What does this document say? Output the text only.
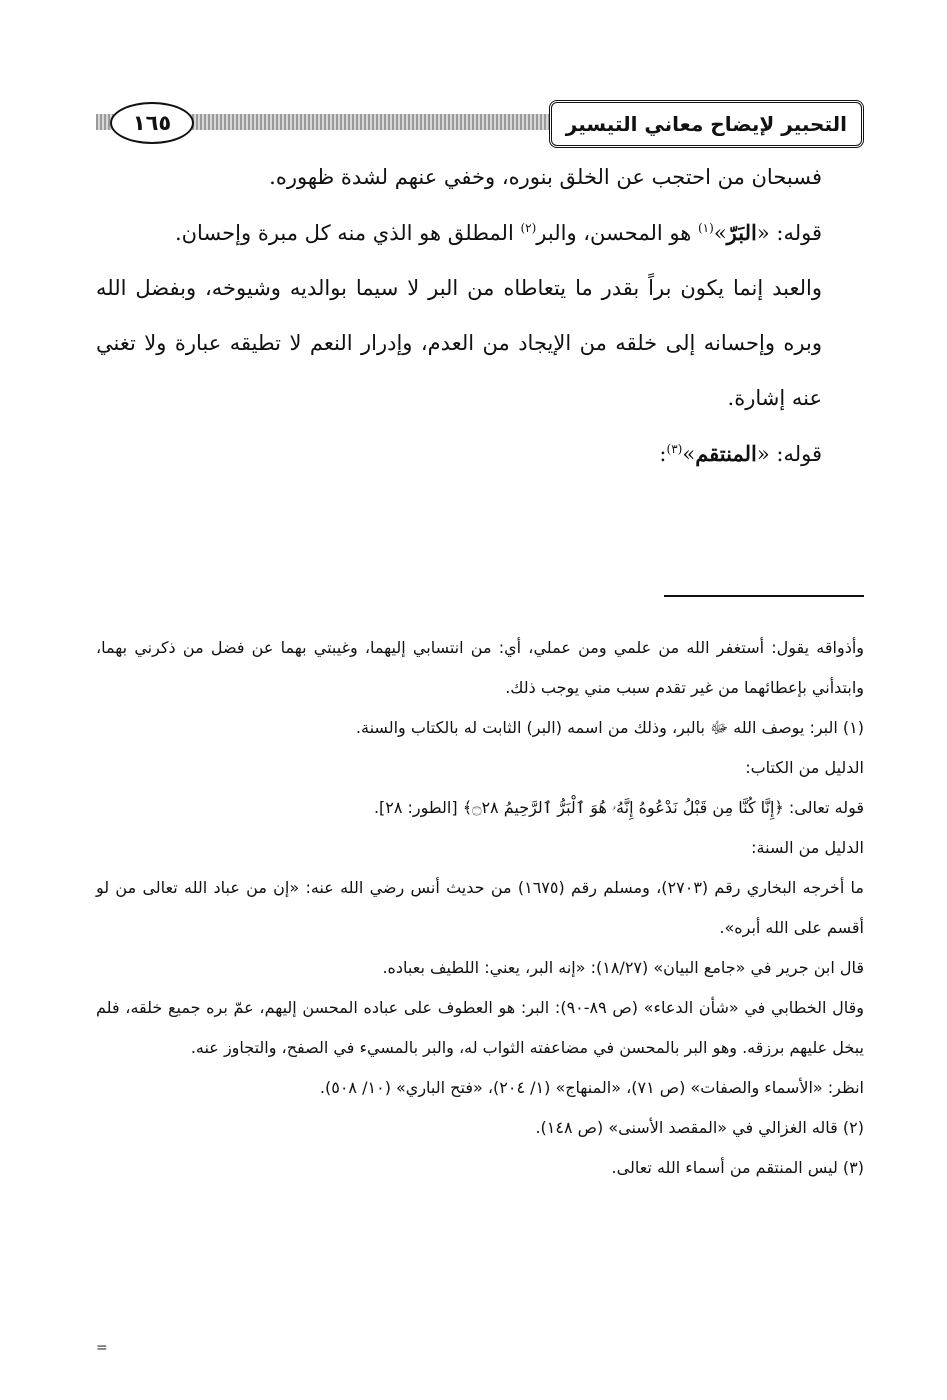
التحبير لإيضاح معاني التيسير
١٦٥

فسبحان من احتجب عن الخلق بنوره، وخفي عنهم لشدة ظهوره.

قوله: «البَرّ»$^{(١)}$ هو المحسن، والبر$^{(٢)}$ المطلق هو الذي منه كل مبرة وإحسان.

والعبد إنما يكون براً بقدر ما يتعاطاه من البر لا سيما بوالديه وشيوخه، وبفضل الله وبره وإحسانه إلى خلقه من الإيجاد من العدم، وإدرار النعم لا تطيقه عبارة ولا تغني عنه إشارة.

قوله: «المنتقم»$^{(٣)}$:

وأذواقه يقول: أستغفر الله من علمي ومن عملي، أي: من انتسابي إليهما، وغيبتي بهما عن فضل من ذكرني بهما، وابتدأني بإعطائهما من غير تقدم سبب مني يوجب ذلك.

(١) البر: يوصف الله ﷻ بالبر، وذلك من اسمه (البر) الثابت له بالكتاب والسنة.

الدليل من الكتاب:

قوله تعالى: ﴿إِنَّا كُنَّا مِن قَبْلُ نَدْعُوهُ إِنَّهُۥ هُوَ ٱلْبَرُّ ٱلرَّحِيمُ ۝٢٨﴾ [الطور: ٢٨].

الدليل من السنة:

ما أخرجه البخاري رقم (٢٧٠٣)، ومسلم رقم (١٦٧٥) من حديث أنس رضي الله عنه: «إن من عباد الله تعالى من لو أقسم على الله أبره».

قال ابن جرير في «جامع البيان» (١٨/٢٧): «إنه البر، يعني: اللطيف بعباده.

وقال الخطابي في «شأن الدعاء» (ص ٨٩-٩٠): البر: هو العطوف على عباده المحسن إليهم، عمّ بره جميع خلقه، فلم يبخل عليهم برزقه. وهو البر بالمحسن في مضاعفته الثواب له، والبر بالمسيء في الصفح، والتجاوز عنه.

انظر: «الأسماء والصفات» (ص ٧١)، «المنهاج» (١/ ٢٠٤)، «فتح الباري» (١٠/ ٥٠٨).

(٢) قاله الغزالي في «المقصد الأسنى» (ص ١٤٨).

(٣) ليس المنتقم من أسماء الله تعالى.

=
